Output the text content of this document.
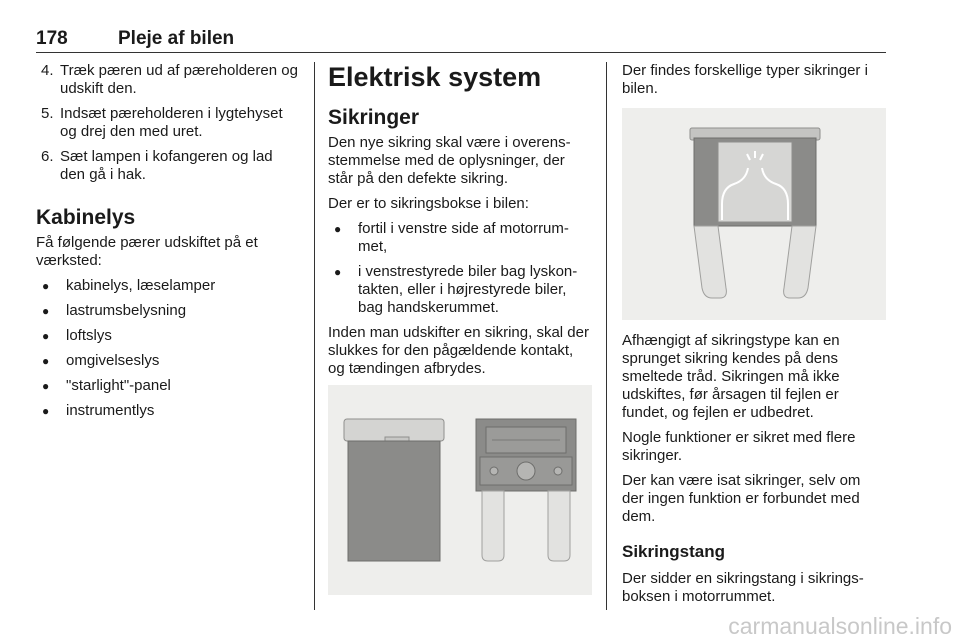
178	Pleje af bilen
4. Træk pæren ud af pæreholderen og udskift den.
5. Indsæt pæreholderen i lygtehyset og drej den med uret.
6. Sæt lampen i kofangeren og lad den gå i hak.
Kabinelys

Få følgende pærer udskiftet på et værksted:

● kabinelys, læselamper
● lastrumsbelysning
● loftslys
● omgivelseslys
● "starlight"-panel
● instrumentlys
Elektrisk system
Sikringer

Den nye sikring skal være i overensstemmelse med de oplysninger, der står på den defekte sikring.

Der er to sikringsbokse i bilen:

● fortil i venstre side af motorrummet,
● i venstrestyrede biler bag lyskontakten, eller i højrestyrede biler, bag handskerummet.

Inden man udskifter en sikring, skal der slukkes for den pågældende kontakt, og tændingen afbrydes.

Der findes forskellige typer sikringer i bilen.

Afhængigt af sikringstype kan en sprunget sikring kendes på dens smeltede tråd. Sikringen må ikke udskiftes, før årsagen til fejlen er fundet, og fejlen er udbedret.

Nogle funktioner er sikret med flere sikringer.

Der kan være isat sikringer, selv om der ingen funktion er forbundet med dem.

Sikringstang

Der sidder en sikringstang i sikringsboksen i motorrummet.

carmanualsonline.info
